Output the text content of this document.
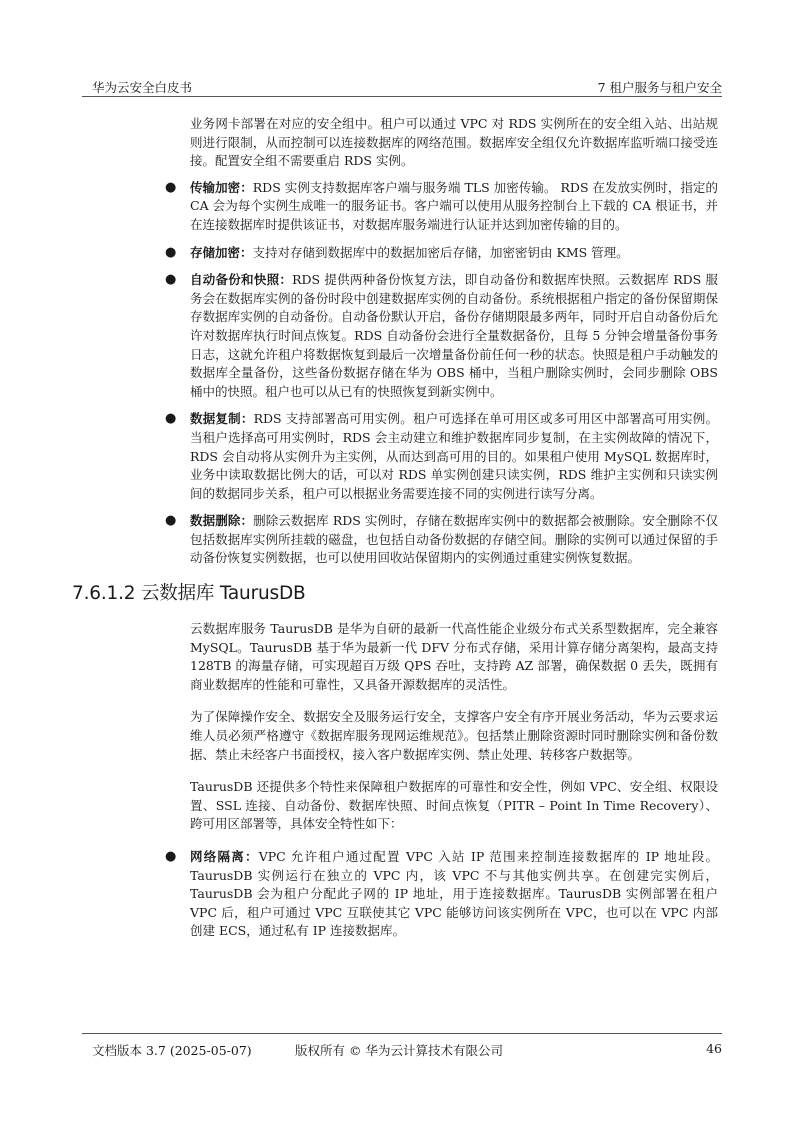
华为云安全白皮书	7 租户服务与租户安全

业务网卡部署在对应的安全组中。租户可以通过 VPC 对 RDS 实例所在的安全组入站、出站规则进行限制，从而控制可以连接数据库的网络范围。数据库安全组仅允许数据库监听端口接受连接。配置安全组不需要重启 RDS 实例。

● 传输加密：RDS 实例支持数据库客户端与服务端 TLS 加密传输。 RDS 在发放实例时，指定的 CA 会为每个实例生成唯一的服务证书。客户端可以使用从服务控制台上下载的 CA 根证书，并在连接数据库时提供该证书，对数据库服务端进行认证并达到加密传输的目的。
● 存储加密：支持对存储到数据库中的数据加密后存储，加密密钥由 KMS 管理。
● 自动备份和快照：RDS 提供两种备份恢复方法，即自动备份和数据库快照。云数据库 RDS 服务会在数据库实例的备份时段中创建数据库实例的自动备份。系统根据租户指定的备份保留期保存数据库实例的自动备份。自动备份默认开启，备份存储期限最多两年，同时开启自动备份后允许对数据库执行时间点恢复。RDS 自动备份会进行全量数据备份，且每 5 分钟会增量备份事务日志，这就允许租户将数据恢复到最后一次增量备份前任何一秒的状态。快照是租户手动触发的数据库全量备份，这些备份数据存储在华为 OBS 桶中，当租户删除实例时，会同步删除 OBS 桶中的快照。租户也可以从已有的快照恢复到新实例中。
● 数据复制：RDS 支持部署高可用实例。租户可选择在单可用区或多可用区中部署高可用实例。当租户选择高可用实例时，RDS 会主动建立和维护数据库同步复制，在主实例故障的情况下，RDS 会自动将从实例升为主实例，从而达到高可用的目的。如果租户使用 MySQL 数据库时，业务中读取数据比例大的话，可以对 RDS 单实例创建只读实例，RDS 维护主实例和只读实例间的数据同步关系，租户可以根据业务需要连接不同的实例进行读写分离。
● 数据删除：删除云数据库 RDS 实例时，存储在数据库实例中的数据都会被删除。安全删除不仅包括数据库实例所挂载的磁盘，也包括自动备份数据的存储空间。删除的实例可以通过保留的手动备份恢复实例数据，也可以使用回收站保留期内的实例通过重建实例恢复数据。
7.6.1.2 云数据库 TaurusDB

云数据库服务 TaurusDB 是华为自研的最新一代高性能企业级分布式关系型数据库，完全兼容 MySQL。TaurusDB 基于华为最新一代 DFV 分布式存储，采用计算存储分离架构，最高支持 128TB 的海量存储，可实现超百万级 QPS 吞吐，支持跨 AZ 部署，确保数据 0 丢失，既拥有商业数据库的性能和可靠性，又具备开源数据库的灵活性。

为了保障操作安全、数据安全及服务运行安全，支撑客户安全有序开展业务活动，华为云要求运维人员必须严格遵守《数据库服务现网运维规范》。包括禁止删除资源时同时删除实例和备份数据、禁止未经客户书面授权，接入客户数据库实例、禁止处理、转移客户数据等。

TaurusDB 还提供多个特性来保障租户数据库的可靠性和安全性，例如 VPC、安全组、权限设置、SSL 连接、自动备份、数据库快照、时间点恢复（PITR – Point In Time Recovery）、跨可用区部署等，具体安全特性如下：

● 网络隔离：VPC 允许租户通过配置 VPC 入站 IP 范围来控制连接数据库的 IP 地址段。TaurusDB 实例运行在独立的 VPC 内，该 VPC 不与其他实例共享。在创建完实例后，TaurusDB 会为租户分配此子网的 IP 地址，用于连接数据库。TaurusDB 实例部署在租户 VPC 后，租户可通过 VPC 互联使其它 VPC 能够访问该实例所在 VPC，也可以在 VPC 内部创建 ECS，通过私有 IP 连接数据库。
文档版本 3.7 (2025-05-07)	版权所有 © 华为云计算技术有限公司	46
